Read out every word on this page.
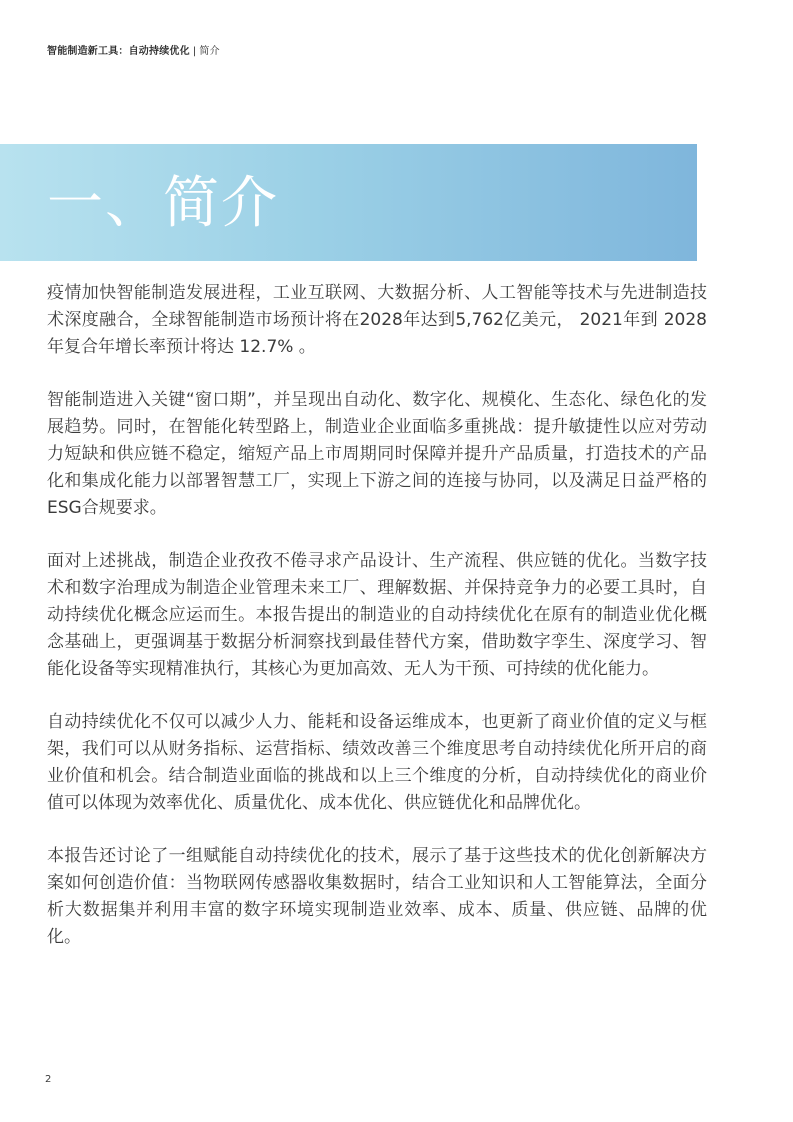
智能制造新工具：自动持续优化 | 简介
一、简介

疫情加快智能制造发展进程，工业互联网、大数据分析、人工智能等技术与先进制造技术深度融合，全球智能制造市场预计将在2028年达到5,762亿美元， 2021年到 2028年复合年增长率预计将达 12.7% 。

智能制造进入关键“窗口期”，并呈现出自动化、数字化、规模化、生态化、绿色化的发展趋势。同时，在智能化转型路上，制造业企业面临多重挑战：提升敏捷性以应对劳动力短缺和供应链不稳定，缩短产品上市周期同时保障并提升产品质量，打造技术的产品化和集成化能力以部署智慧工厂，实现上下游之间的连接与协同，以及满足日益严格的ESG合规要求。

面对上述挑战，制造企业孜孜不倦寻求产品设计、生产流程、供应链的优化。当数字技术和数字治理成为制造企业管理未来工厂、理解数据、并保持竞争力的必要工具时，自动持续优化概念应运而生。本报告提出的制造业的自动持续优化在原有的制造业优化概念基础上，更强调基于数据分析洞察找到最佳替代方案，借助数字孪生、深度学习、智能化设备等实现精准执行，其核心为更加高效、无人为干预、可持续的优化能力。

自动持续优化不仅可以减少人力、能耗和设备运维成本，也更新了商业价值的定义与框架，我们可以从财务指标、运营指标、绩效改善三个维度思考自动持续优化所开启的商业价值和机会。结合制造业面临的挑战和以上三个维度的分析，自动持续优化的商业价值可以体现为效率优化、质量优化、成本优化、供应链优化和品牌优化。

本报告还讨论了一组赋能自动持续优化的技术，展示了基于这些技术的优化创新解决方案如何创造价值：当物联网传感器收集数据时，结合工业知识和人工智能算法，全面分析大数据集并利用丰富的数字环境实现制造业效率、成本、质量、供应链、品牌的优化。

2
